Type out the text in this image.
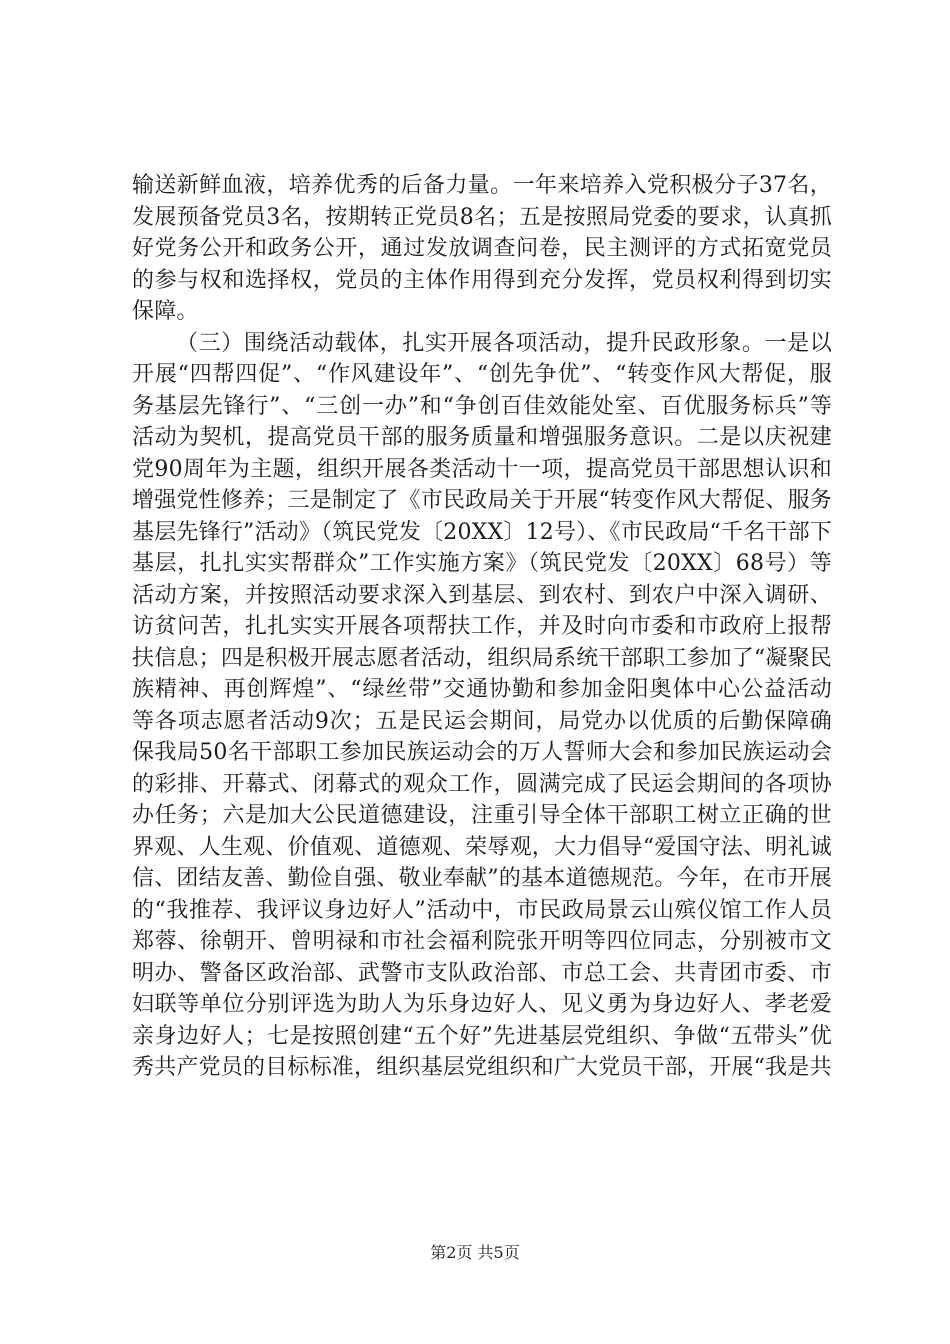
输送新鲜血液，培养优秀的后备力量。一年来培养入党积极分子37名，发展预备党员3名，按期转正党员8名；五是按照局党委的要求，认真抓好党务公开和政务公开，通过发放调查问卷，民主测评的方式拓宽党员的参与权和选择权，党员的主体作用得到充分发挥，党员权利得到切实保障。

（三）围绕活动载体，扎实开展各项活动，提升民政形象。一是以开展“四帮四促”、“作风建设年”、“创先争优”、“转变作风大帮促，服务基层先锋行”、“三创一办”和“争创百佳效能处室、百优服务标兵”等活动为契机，提高党员干部的服务质量和增强服务意识。二是以庆祝建党90周年为主题，组织开展各类活动十一项，提高党员干部思想认识和增强党性修养；三是制定了《市民政局关于开展“转变作风大帮促、服务基层先锋行”活动》（筑民党发〔20XX〕12号）、《市民政局“千名干部下基层，扎扎实实帮群众”工作实施方案》（筑民党发〔20XX〕68号）等活动方案，并按照活动要求深入到基层、到农村、到农户中深入调研、访贫问苦，扎扎实实开展各项帮扶工作，并及时向市委和市政府上报帮扶信息；四是积极开展志愿者活动，组织局系统干部职工参加了“凝聚民族精神、再创辉煌”、“绿丝带”交通协勤和参加金阳奥体中心公益活动等各项志愿者活动9次；五是民运会期间，局党办以优质的后勤保障确保我局50名干部职工参加民族运动会的万人誓师大会和参加民族运动会的彩排、开幕式、闭幕式的观众工作，圆满完成了民运会期间的各项协办任务；六是加大公民道德建设，注重引导全体干部职工树立正确的世界观、人生观、价值观、道德观、荣辱观，大力倡导“爱国守法、明礼诚信、团结友善、勤俭自强、敬业奉献”的基本道德规范。今年，在市开展的“我推荐、我评议身边好人”活动中，市民政局景云山殡仪馆工作人员郑蓉、徐朝开、曾明禄和市社会福利院张开明等四位同志，分别被市文明办、警备区政治部、武警市支队政治部、市总工会、共青团市委、市妇联等单位分别评选为助人为乐身边好人、见义勇为身边好人、孝老爱亲身边好人；七是按照创建“五个好”先进基层党组织、争做“五带头”优秀共产党员的目标标准，组织基层党组织和广大党员干部，开展“我是共

第2页 共5页
